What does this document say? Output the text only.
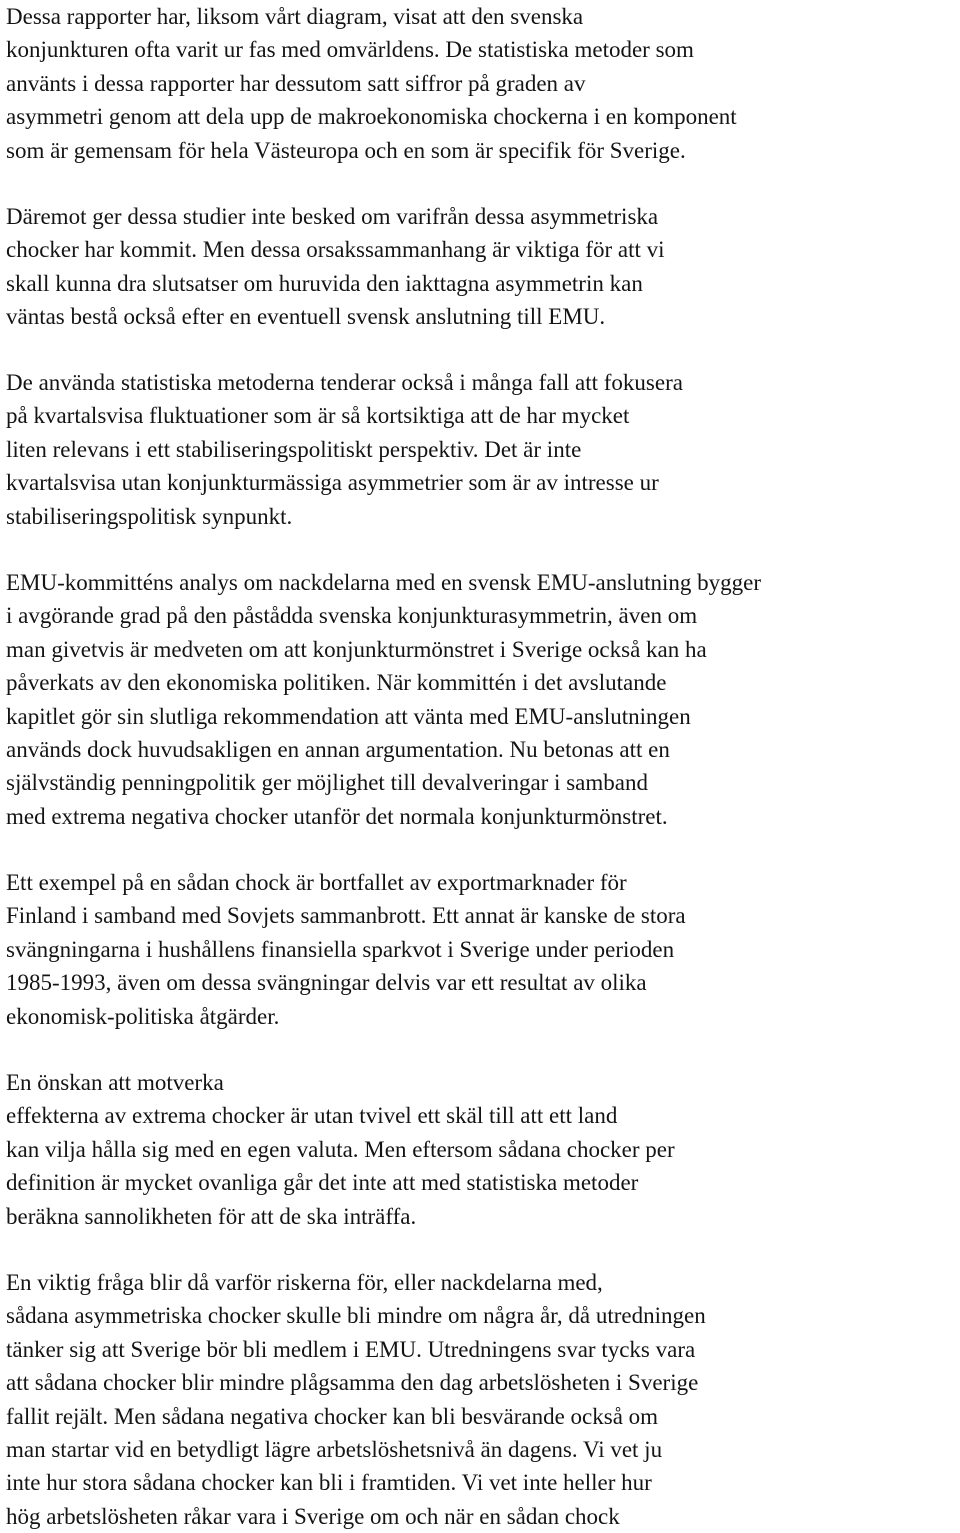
Dessa rapporter har, liksom vårt diagram, visat att den svenska
konjunkturen ofta varit ur fas med omvärldens. De statistiska metoder som
använts i dessa rapporter har dessutom satt siffror på graden av
asymmetri genom att dela upp de makroekonomiska chockerna i en komponent
som är gemensam för hela Västeuropa och en som är specifik för Sverige.

Däremot ger dessa studier inte besked om varifrån dessa asymmetriska
chocker har kommit. Men dessa orsakssammanhang är viktiga för att vi
skall kunna dra slutsatser om huruvida den iakttagna asymmetrin kan
väntas bestå också efter en eventuell svensk anslutning till EMU.

De använda statistiska metoderna tenderar också i många fall att fokusera
på kvartalsvisa fluktuationer som är så kortsiktiga att de har mycket
liten relevans i ett stabiliseringspolitiskt perspektiv. Det är inte
kvartalsvisa utan konjunkturmässiga asymmetrier som är av intresse ur
stabiliseringspolitisk synpunkt.

EMU-kommitténs analys om nackdelarna med en svensk EMU-anslutning bygger
i avgörande grad på den påstådda svenska konjunkturasymmetrin, även om
man givetvis är medveten om att konjunkturmönstret i Sverige också kan ha
påverkats av den ekonomiska politiken. När kommittén i det avslutande
kapitlet gör sin slutliga rekommendation att vänta med EMU-anslutningen
används dock huvudsakligen en annan argumentation. Nu betonas att en
självständig penningpolitik ger möjlighet till devalveringar i samband
med extrema negativa chocker utanför det normala konjunkturmönstret.

Ett exempel på en sådan chock är bortfallet av exportmarknader för
Finland i samband med Sovjets sammanbrott. Ett annat är kanske de stora
svängningarna i hushållens finansiella sparkvot i Sverige under perioden
1985-1993, även om dessa svängningar delvis var ett resultat av olika
ekonomisk-politiska åtgärder.

En önskan att motverka
effekterna av extrema chocker är utan tvivel ett skäl till att ett land
kan vilja hålla sig med en egen valuta. Men eftersom sådana chocker per
definition är mycket ovanliga går det inte att med statistiska metoder
beräkna sannolikheten för att de ska inträffa.

En viktig fråga blir då varför riskerna för, eller nackdelarna med,
sådana asymmetriska chocker skulle bli mindre om några år, då utredningen
tänker sig att Sverige bör bli medlem i EMU. Utredningens svar tycks vara
att sådana chocker blir mindre plågsamma den dag arbetslösheten i Sverige
fallit rejält. Men sådana negativa chocker kan bli besvärande också om
man startar vid en betydligt lägre arbetslöshetsnivå än dagens. Vi vet ju
inte hur stora sådana chocker kan bli i framtiden. Vi vet inte heller hur
hög arbetslösheten råkar vara i Sverige om och när en sådan chock
